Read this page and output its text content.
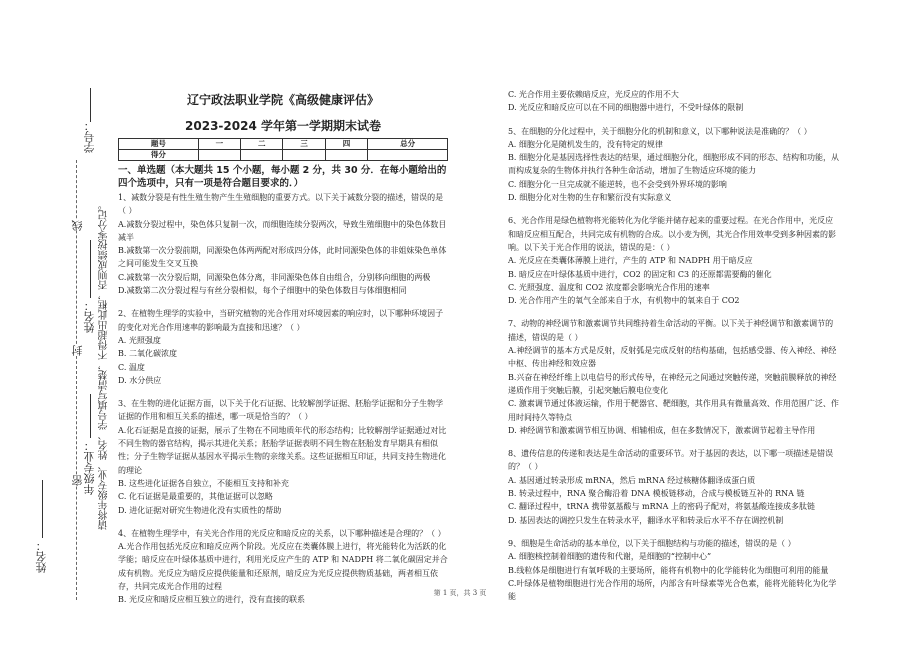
学号：
姓名：
年级专业： 请将年级专业、姓名、学号填写清楚，不得超出此框，否则成绩按零分记。
线
封
密
姓名：
辽宁政法职业学院《高级健康评估》
2023-2024 学年第一学期期末试卷
题号	一	二	三	四	总分
得分					
一、单选题（本大题共 15 个小题，每小题 2 分，共 30 分．在每小题给出的四个选项中，只有一项是符合题目要求的．）

1、减数分裂是有性生殖生物产生生殖细胞的重要方式。以下关于减数分裂的描述，错误的是（ ）

A.减数分裂过程中，染色体只复制一次，而细胞连续分裂两次，导致生殖细胞中的染色体数目减半

B.减数第一次分裂前期，同源染色体两两配对形成四分体，此时同源染色体的非姐妹染色单体之间可能发生交叉互换

C.减数第一次分裂后期，同源染色体分离，非同源染色体自由组合，分别移向细胞的两极

D.减数第二次分裂过程与有丝分裂相似，每个子细胞中的染色体数目与体细胞相同

2、在植物生理学的实验中，当研究植物的光合作用对环境因素的响应时，以下哪种环境因子的变化对光合作用速率的影响最为直接和迅速？（ ）

A. 光照强度

B. 二氧化碳浓度

C. 温度

D. 水分供应

3、在生物的进化证据方面，以下关于化石证据、比较解剖学证据、胚胎学证据和分子生物学证据的作用和相互关系的描述，哪一项是恰当的？（ ）

A.化石证据是直接的证据，展示了生物在不同地质年代的形态结构；比较解剖学证据通过对比不同生物的器官结构，揭示其进化关系；胚胎学证据表明不同生物在胚胎发育早期具有相似性；分子生物学证据从基因水平揭示生物的亲缘关系。这些证据相互印证，共同支持生物进化的理论

B. 这些进化证据各自独立，不能相互支持和补充

C. 化石证据是最重要的，其他证据可以忽略

D. 进化证据对研究生物进化没有实质性的帮助

4、在植物生理学中，有关光合作用的光反应和暗反应的关系，以下哪种描述是合理的？（ ）

A.光合作用包括光反应和暗反应两个阶段。光反应在类囊体膜上进行，将光能转化为活跃的化学能；暗反应在叶绿体基质中进行，利用光反应产生的 ATP 和 NADPH 将二氧化碳固定并合成有机物。光反应为暗反应提供能量和还原剂，暗反应为光反应提供物质基础，两者相互依存，共同完成光合作用的过程

B. 光反应和暗反应相互独立的进行，没有直接的联系

C. 光合作用主要依赖暗反应，光反应的作用不大

D. 光反应和暗反应可以在不同的细胞器中进行，不受叶绿体的限制

5、在细胞的分化过程中，关于细胞分化的机制和意义，以下哪种说法是准确的？（ ）

A. 细胞分化是随机发生的，没有特定的规律

B. 细胞分化是基因选择性表达的结果，通过细胞分化，细胞形成不同的形态、结构和功能，从而构成复杂的生物体并执行各种生命活动，增加了生物适应环境的能力

C. 细胞分化一旦完成就不能逆转，也不会受到外界环境的影响

D. 细胞分化对生物的生存和繁衍没有实际意义

6、光合作用是绿色植物将光能转化为化学能并储存起来的重要过程。在光合作用中，光反应和暗反应相互配合，共同完成有机物的合成。以小麦为例，其光合作用效率受到多种因素的影响。以下关于光合作用的说法，错误的是：（ ）

A. 光反应在类囊体薄膜上进行，产生的 ATP 和 NADPH 用于暗反应

B. 暗反应在叶绿体基质中进行，CO2 的固定和 C3 的还原都需要酶的催化

C. 光照强度、温度和 CO2 浓度都会影响光合作用的速率

D. 光合作用产生的氧气全部来自于水，有机物中的氧来自于 CO2

7、动物的神经调节和激素调节共同维持着生命活动的平衡。以下关于神经调节和激素调节的描述，错误的是（ ）

A.神经调节的基本方式是反射，反射弧是完成反射的结构基础，包括感受器、传入神经、神经中枢、传出神经和效应器

B.兴奋在神经纤维上以电信号的形式传导，在神经元之间通过突触传递，突触前膜释放的神经递质作用于突触后膜，引起突触后膜电位变化

C. 激素调节通过体液运输，作用于靶器官、靶细胞，其作用具有微量高效、作用范围广泛、作用时间持久等特点

D. 神经调节和激素调节相互协调、相辅相成，但在多数情况下，激素调节起着主导作用

8、遗传信息的传递和表达是生命活动的重要环节。对于基因的表达，以下哪一项描述是错误的？（ ）

A. 基因通过转录形成 mRNA，然后 mRNA 经过核糖体翻译成蛋白质

B. 转录过程中，RNA 聚合酶沿着 DNA 模板链移动，合成与模板链互补的 RNA 链

C. 翻译过程中，tRNA 携带氨基酸与 mRNA 上的密码子配对，将氨基酸连接成多肽链

D. 基因表达的调控只发生在转录水平，翻译水平和转录后水平不存在调控机制

9、细胞是生命活动的基本单位，以下关于细胞结构与功能的描述，错误的是（ ）

A. 细胞核控制着细胞的遗传和代谢，是细胞的“控制中心”

B.线粒体是细胞进行有氧呼吸的主要场所，能将有机物中的化学能转化为细胞可利用的能量

C.叶绿体是植物细胞进行光合作用的场所，内部含有叶绿素等光合色素，能将光能转化为化学能

第 1 页，共 3 页
